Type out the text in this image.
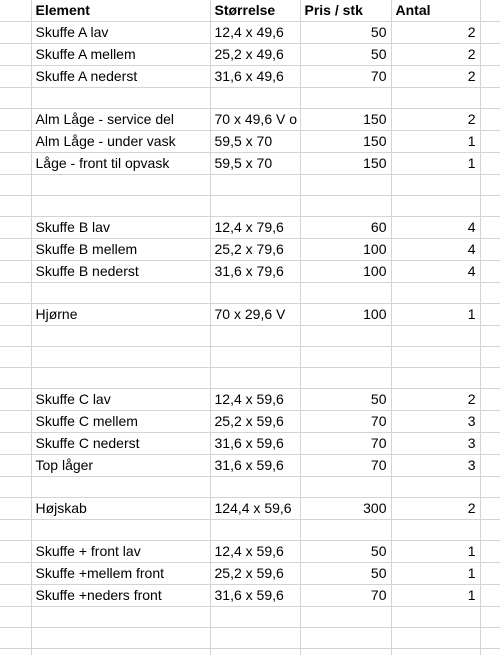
	Element	Størrelse	Pris / stk	Antal	
	Skuffe A lav	12,4 x 49,6	50	2	
	Skuffe A mellem	25,2 x 49,6	50	2	
	Skuffe A nederst	31,6 x 49,6	70	2	

	Alm Låge - service del	70 x 49,6 V o	150	2	
	Alm Låge - under vask	59,5 x 70	150	1	
	Låge - front til opvask	59,5 x 70	150	1	

	Skuffe B lav	12,4 x 79,6	60	4	
	Skuffe B mellem	25,2 x 79,6	100	4	
	Skuffe B nederst	31,6 x 79,6	100	4	

	Hjørne	70 x 29,6 V	100	1	

	Skuffe C lav	12,4 x 59,6	50	2	
	Skuffe C mellem	25,2 x 59,6	70	3	
	Skuffe C nederst	31,6 x 59,6	70	3	
	Top låger	31,6 x 59,6	70	3	

	Højskab	124,4 x 59,6	300	2	

	Skuffe + front lav	12,4 x 59,6	50	1	
	Skuffe +mellem front	25,2 x 59,6	50	1	
	Skuffe +neders front	31,6 x 59,6	70	1	
